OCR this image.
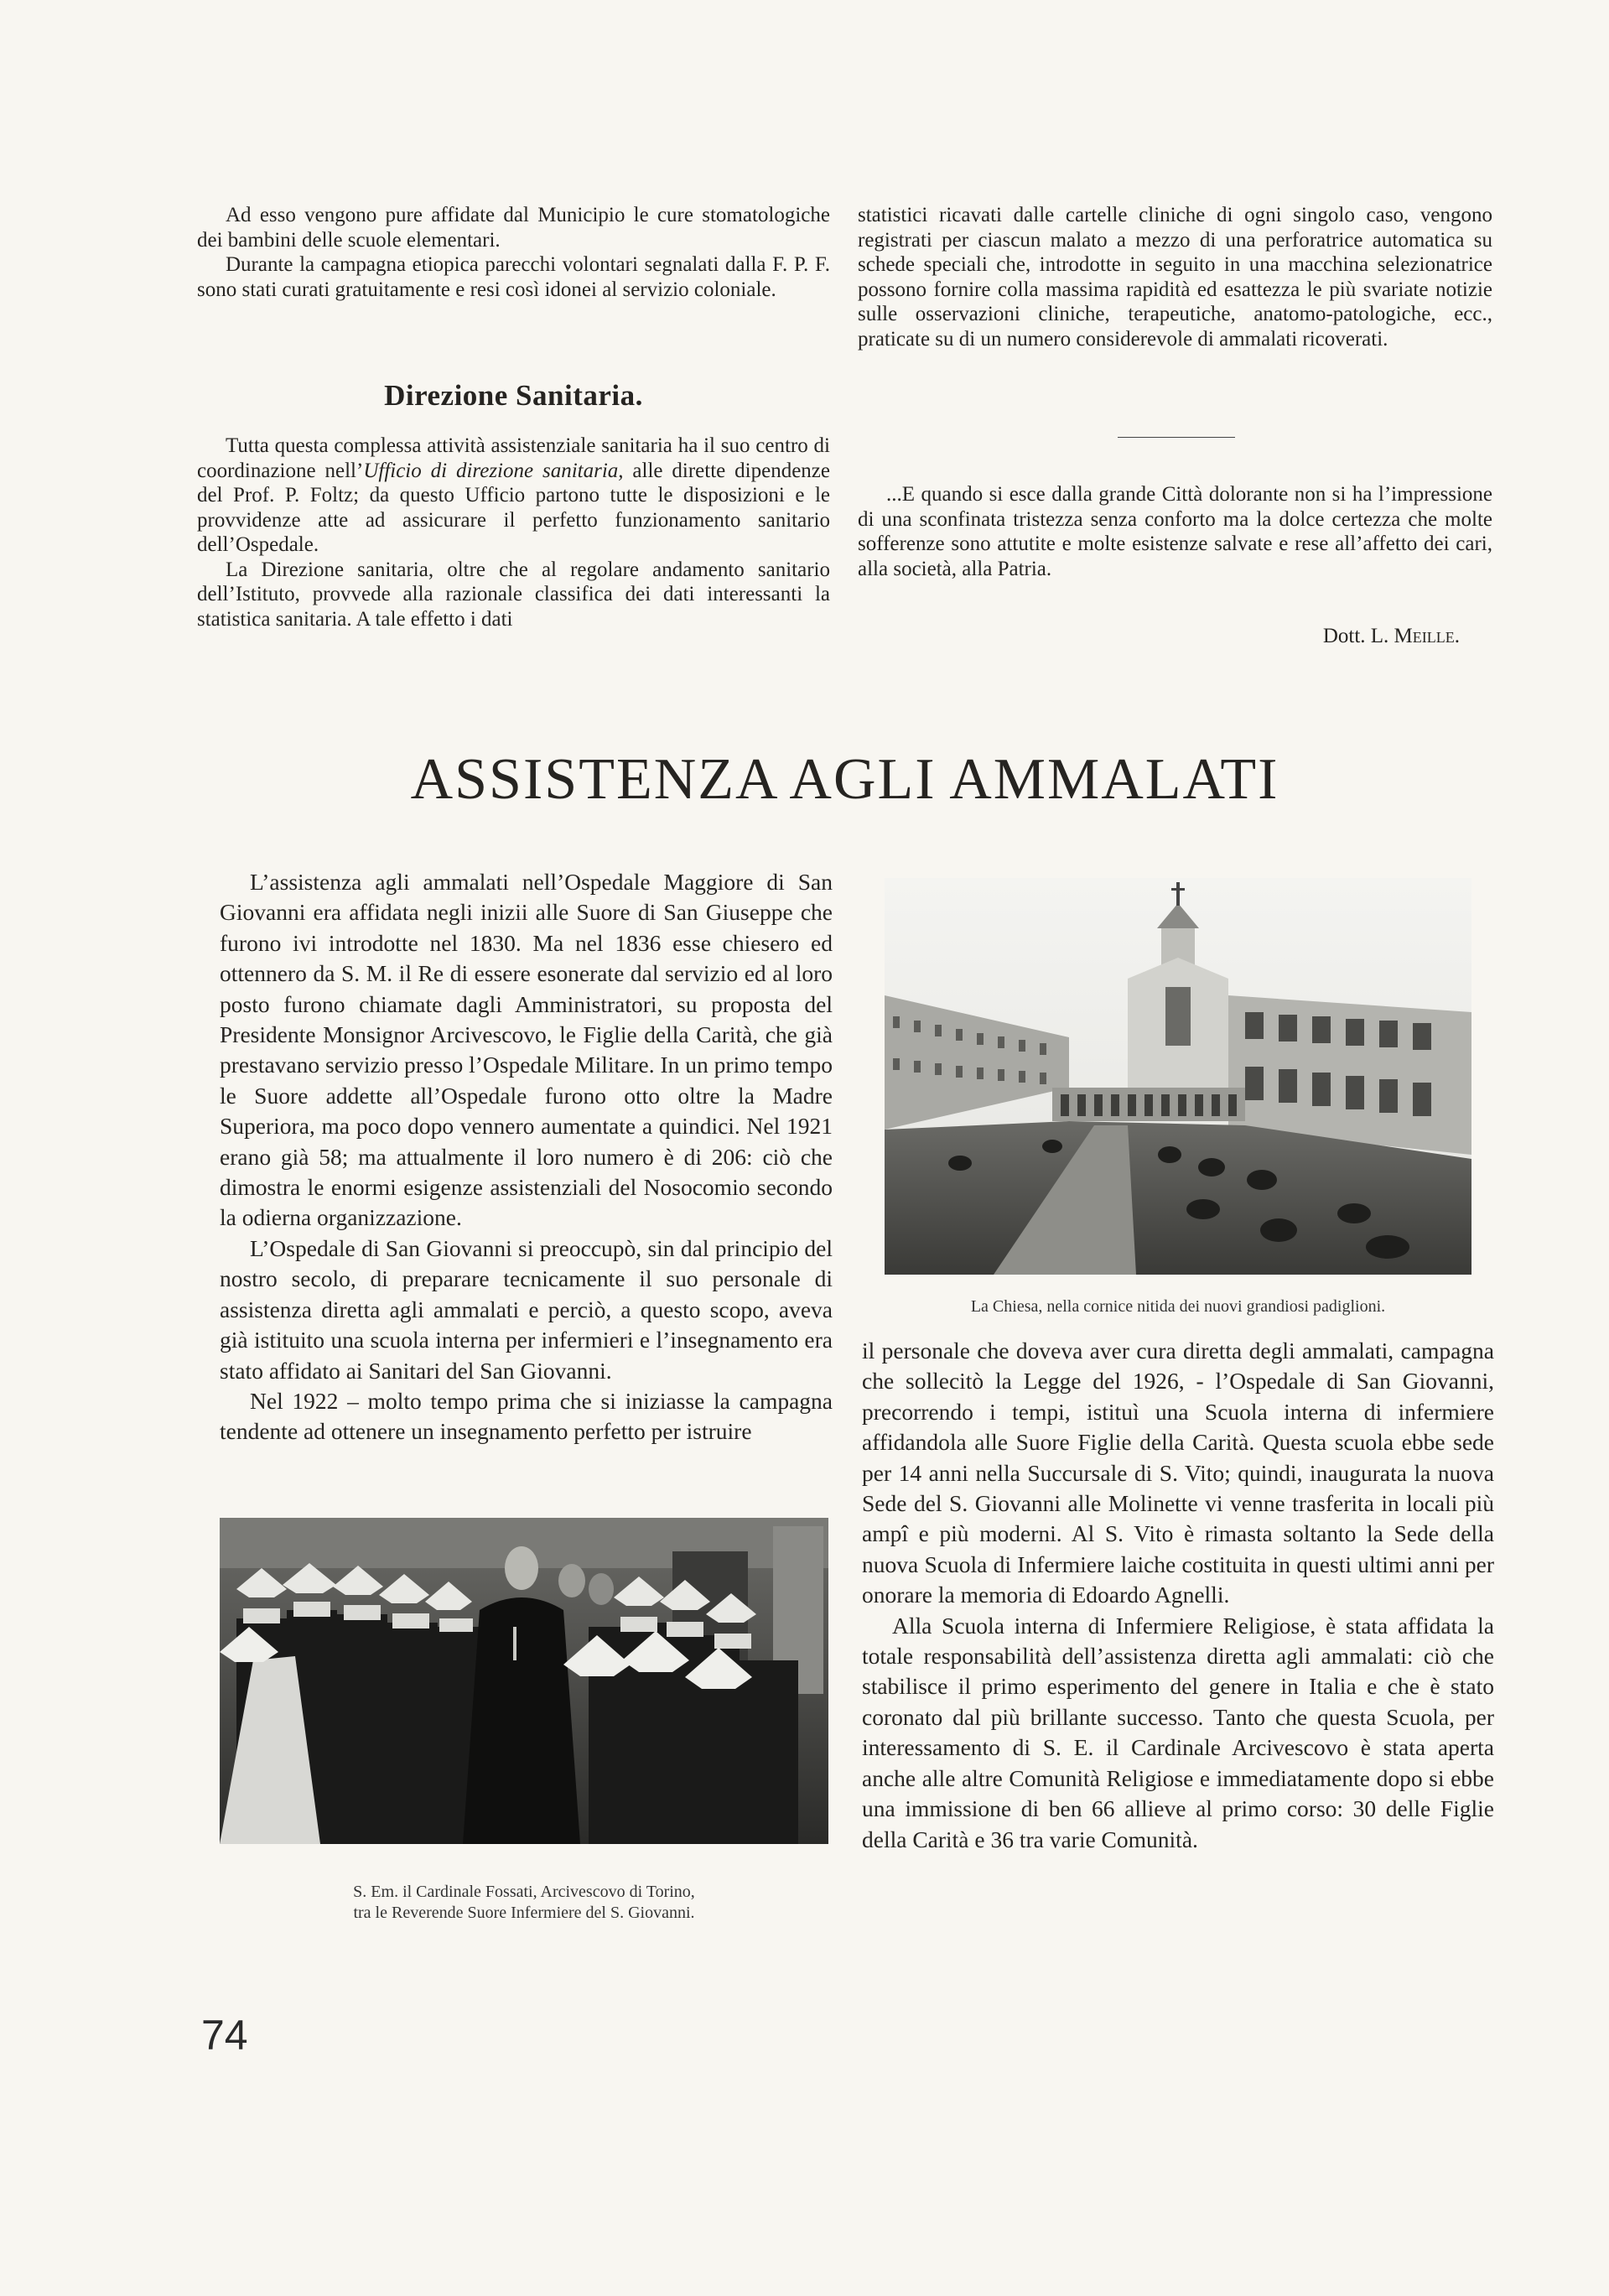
Ad esso vengono pure affidate dal Municipio le cure stomatologiche dei bambini delle scuole elementari.

Durante la campagna etiopica parecchi volontari segnalati dalla F. P. F. sono stati curati gratuitamente e resi così idonei al servizio coloniale.

Direzione Sanitaria.

Tutta questa complessa attività assistenziale sanitaria ha il suo centro di coordinazione nell’Ufficio di direzione sanitaria, alle dirette dipendenze del Prof. P. Foltz; da questo Ufficio partono tutte le disposizioni e le provvidenze atte ad assicurare il perfetto funzionamento sanitario dell’Ospedale.

La Direzione sanitaria, oltre che al regolare andamento sanitario dell’Istituto, provvede alla razionale classifica dei dati interessanti la statistica sanitaria. A tale effetto i dati

statistici ricavati dalle cartelle cliniche di ogni singolo caso, vengono registrati per ciascun malato a mezzo di una perforatrice automatica su schede speciali che, introdotte in seguito in una macchina selezionatrice possono fornire colla massima rapidità ed esattezza le più svariate notizie sulle osservazioni cliniche, terapeutiche, anatomo-patologiche, ecc., praticate su di un numero considerevole di ammalati ricoverati.

...E quando si esce dalla grande Città dolorante non si ha l’impressione di una sconfinata tristezza senza conforto ma la dolce certezza che molte sofferenze sono attutite e molte esistenze salvate e rese all’affetto dei cari, alla società, alla Patria.

Dott. L. Meille.
ASSISTENZA AGLI AMMALATI

L’assistenza agli ammalati nell’Ospedale Maggiore di San Giovanni era affidata negli inizii alle Suore di San Giuseppe che furono ivi introdotte nel 1830. Ma nel 1836 esse chiesero ed ottennero da S. M. il Re di essere esonerate dal servizio ed al loro posto furono chiamate dagli Amministratori, su proposta del Presidente Monsignor Arcivescovo, le Figlie della Carità, che già prestavano servizio presso l’Ospedale Militare. In un primo tempo le Suore addette all’Ospedale furono otto oltre la Madre Superiora, ma poco dopo vennero aumentate a quindici. Nel 1921 erano già 58; ma attualmente il loro numero è di 206: ciò che dimostra le enormi esigenze assistenziali del Nosocomio secondo la odierna organizzazione.

L’Ospedale di San Giovanni si preoccupò, sin dal principio del nostro secolo, di preparare tecnicamente il suo personale di assistenza diretta agli ammalati e perciò, a questo scopo, aveva già istituito una scuola interna per infermieri e l’insegnamento era stato affidato ai Sanitari del San Giovanni.

Nel 1922 – molto tempo prima che si iniziasse la campagna tendente ad ottenere un insegnamento perfetto per istruire

S. Em. il Cardinale Fossati, Arcivescovo di Torino,
tra le Reverende Suore Infermiere del S. Giovanni.
La Chiesa, nella cornice nitida dei nuovi grandiosi padiglioni.

il personale che doveva aver cura diretta degli ammalati, campagna che sollecitò la Legge del 1926, - l’Ospedale di San Giovanni, precorrendo i tempi, istituì una Scuola interna di infermiere affidandola alle Suore Figlie della Carità. Questa scuola ebbe sede per 14 anni nella Succursale di S. Vito; quindi, inaugurata la nuova Sede del S. Giovanni alle Molinette vi venne trasferita in locali più ampî e più moderni. Al S. Vito è rimasta soltanto la Sede della nuova Scuola di Infermiere laiche costituita in questi ultimi anni per onorare la memoria di Edoardo Agnelli.

Alla Scuola interna di Infermiere Religiose, è stata affidata la totale responsabilità dell’assistenza diretta agli ammalati: ciò che stabilisce il primo esperimento del genere in Italia e che è stato coronato dal più brillante successo. Tanto che questa Scuola, per interessamento di S. E. il Cardinale Arcivescovo è stata aperta anche alle altre Comunità Religiose e immediatamente dopo si ebbe una immissione di ben 66 allieve al primo corso: 30 delle Figlie della Carità e 36 tra varie Comunità.

74
